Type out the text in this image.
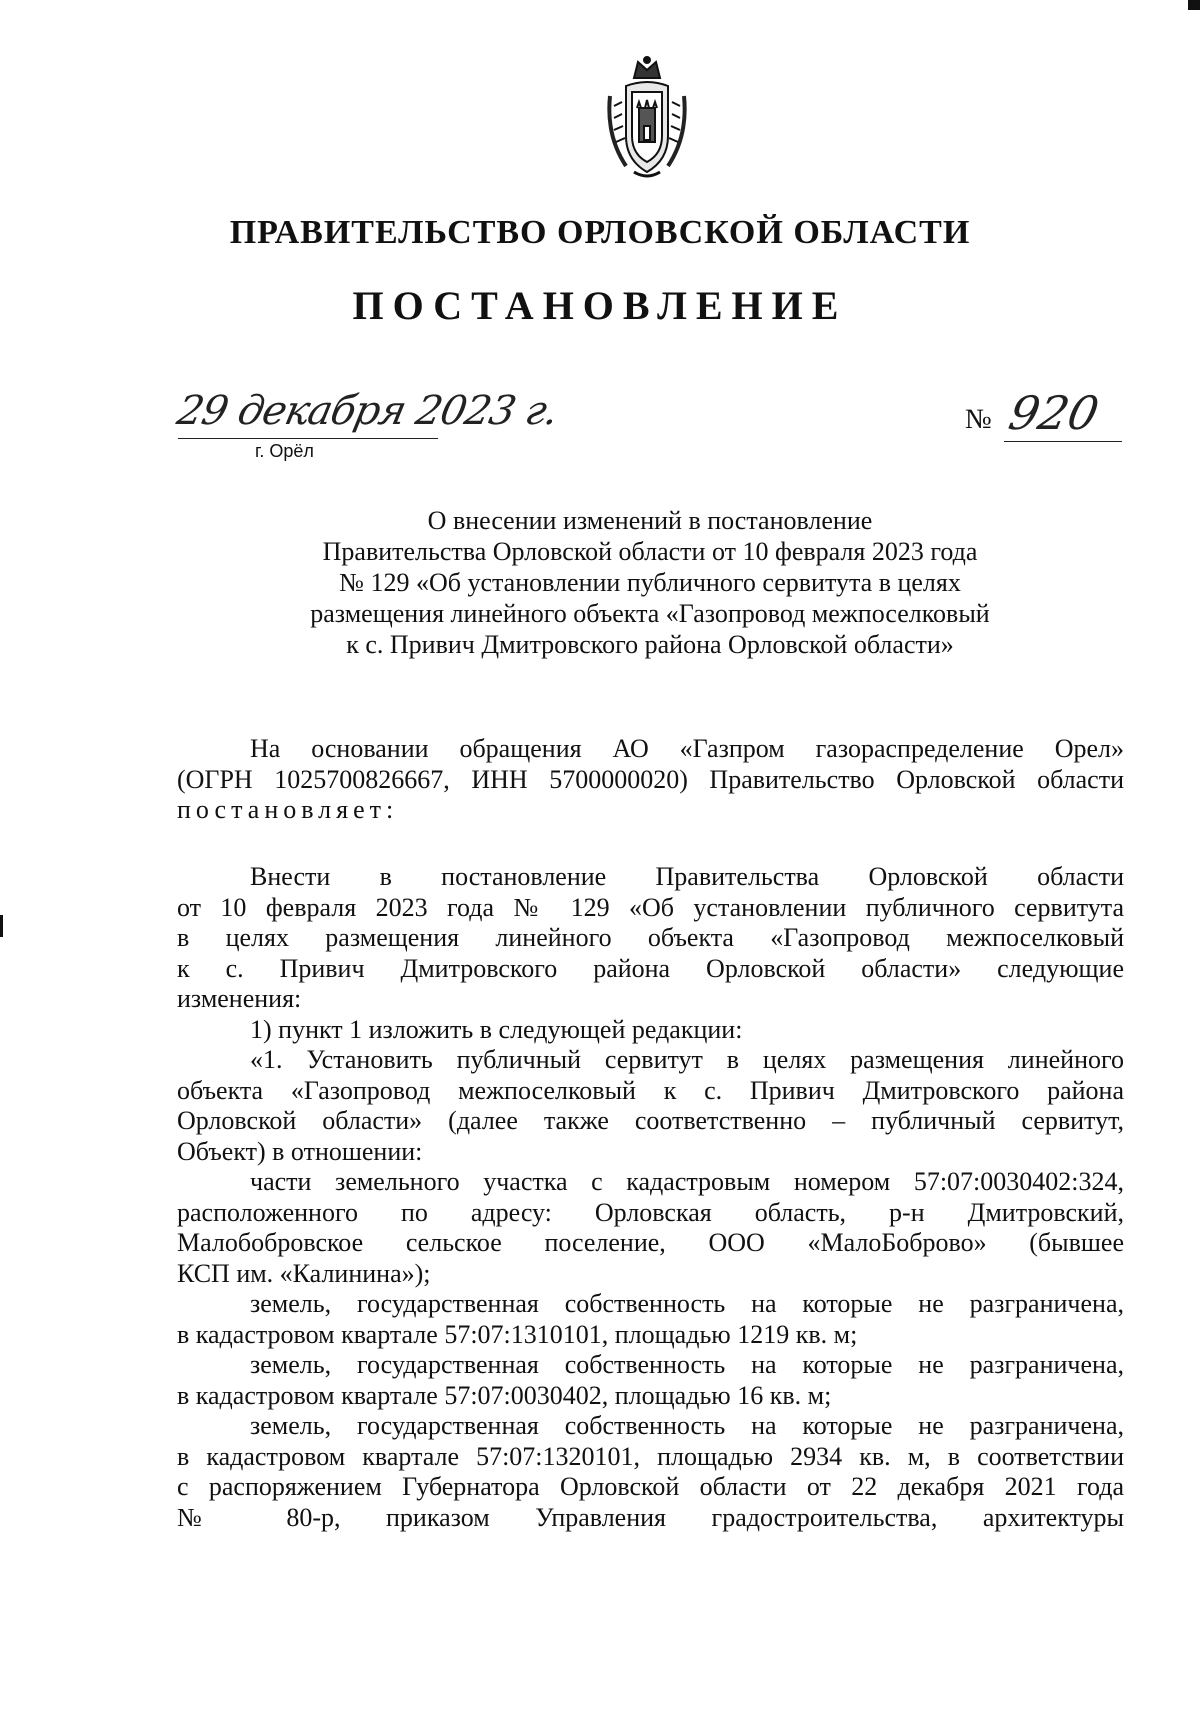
ПРАВИТЕЛЬСТВО ОРЛОВСКОЙ ОБЛАСТИ
ПОСТАНОВЛЕНИЕ
29 декабря 2023 г.
г. Орёл
№ 920
О внесении изменений в постановление
Правительства Орловской области от 10 февраля 2023 года
№ 129 «Об установлении публичного сервитута в целях
размещения линейного объекта «Газопровод межпоселковый
к с. Привич Дмитровского района Орловской области»
На основании обращения АО «Газпром газораспределение Орел»
(ОГРН 1025700826667, ИНН 5700000020) Правительство Орловской области
постановляет:
Внести в постановление Правительства Орловской области
от 10 февраля 2023 года № 129 «Об установлении публичного сервитута
в целях размещения линейного объекта «Газопровод межпоселковый
к с. Привич Дмитровского района Орловской области» следующие
изменения:
1) пункт 1 изложить в следующей редакции:
«1. Установить публичный сервитут в целях размещения линейного
объекта «Газопровод межпоселковый к с. Привич Дмитровского района
Орловской области» (далее также соответственно – публичный сервитут,
Объект) в отношении:
части земельного участка с кадастровым номером 57:07:0030402:324,
расположенного по адресу: Орловская область, р-н Дмитровский,
Малобобровское сельское поселение, ООО «МалоБоброво» (бывшее
КСП им. «Калинина»);
земель, государственная собственность на которые не разграничена,
в кадастровом квартале 57:07:1310101, площадью 1219 кв. м;
земель, государственная собственность на которые не разграничена,
в кадастровом квартале 57:07:0030402, площадью 16 кв. м;
земель, государственная собственность на которые не разграничена,
в кадастровом квартале 57:07:1320101, площадью 2934 кв. м, в соответствии
с распоряжением Губернатора Орловской области от 22 декабря 2021 года
№ 80-р, приказом Управления градостроительства, архитектуры
